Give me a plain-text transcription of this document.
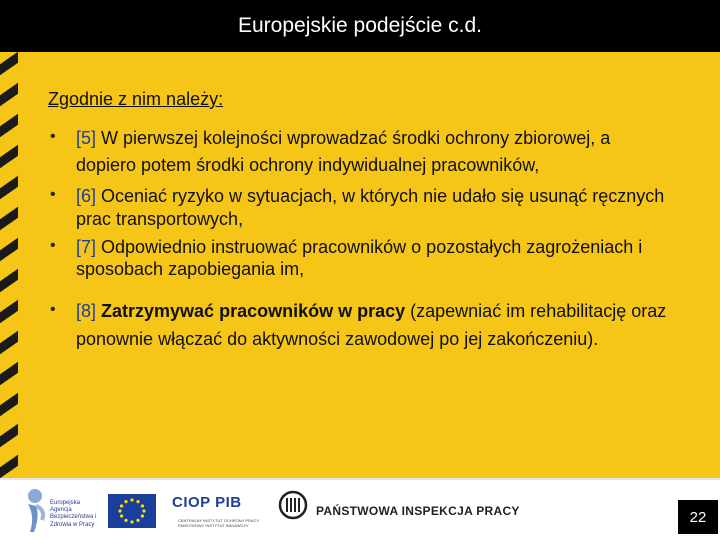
Europejskie podejście c.d.
Zgodnie z nim należy:
• [5] W pierwszej kolejności wprowadzać środki ochrony zbiorowej, a dopiero potem środki ochrony indywidualnej pracowników,
• [6] Oceniać ryzyko w sytuacjach, w których nie udało się usunąć ręcznych prac transportowych,
• [7] Odpowiednio instruować pracowników o pozostałych zagrożeniach i sposobach zapobiegania im,
• [8] Zatrzymywać pracowników w pracy (zapewniać im rehabilitację oraz ponownie włączać do aktywności zawodowej po jej zakończeniu).
Europejska Agencja Bezpieczeństwa i Zdrowia w Pracy
CIOP PIB
CENTRALNY INSTYTUT OCHRONY PRACY PAŃSTWOWY INSTYTUT BADAWCZY
PAŃSTWOWA INSPEKCJA PRACY	22
